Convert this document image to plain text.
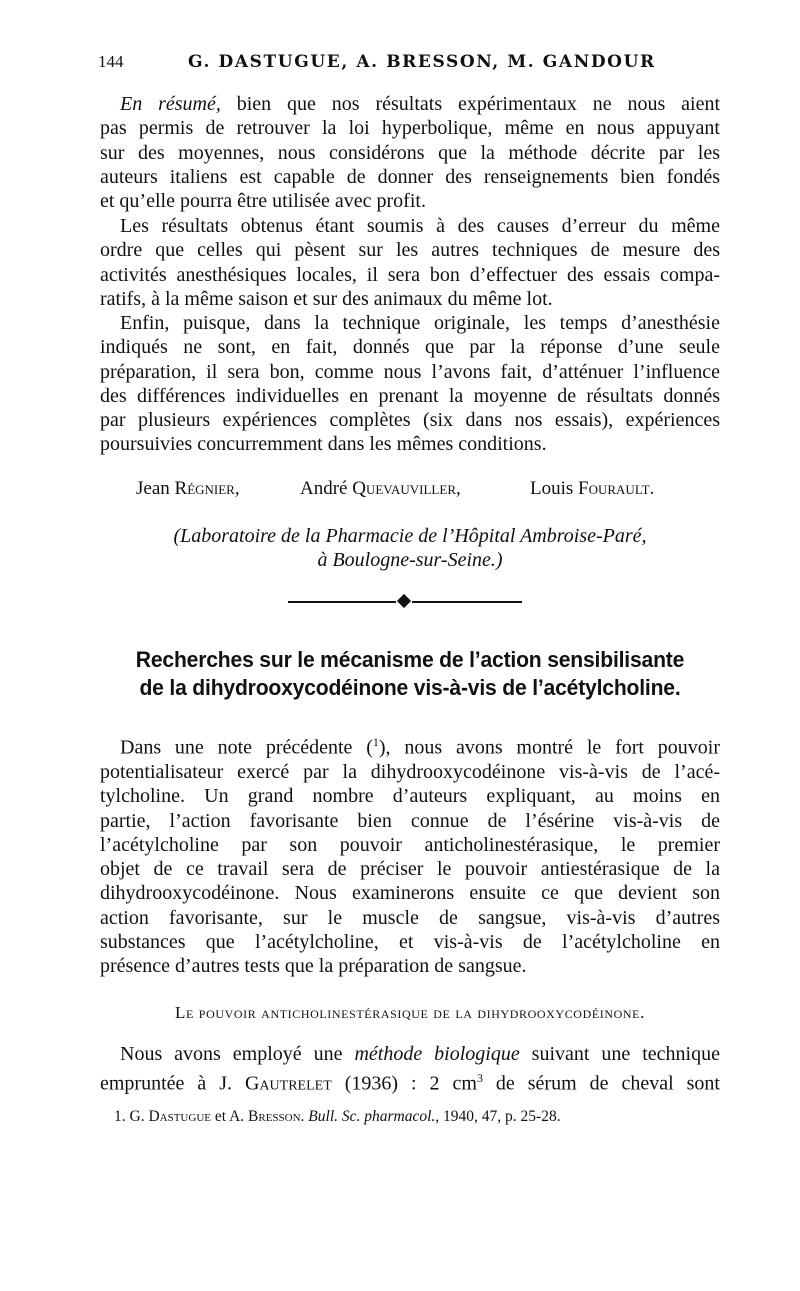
144	G. DASTUGUE, A. BRESSON, M. GANDOUR

En résumé, bien que nos résultats expérimentaux ne nous aient
pas permis de retrouver la loi hyperbolique, même en nous appuyant
sur des moyennes, nous considérons que la méthode décrite par les
auteurs italiens est capable de donner des renseignements bien fondés
et qu’elle pourra être utilisée avec profit.

Les résultats obtenus étant soumis à des causes d’erreur du même
ordre que celles qui pèsent sur les autres techniques de mesure des
activités anesthésiques locales, il sera bon d’effectuer des essais compa-
ratifs, à la même saison et sur des animaux du même lot.

Enfin, puisque, dans la technique originale, les temps d’anesthésie
indiqués ne sont, en fait, donnés que par la réponse d’une seule
préparation, il sera bon, comme nous l’avons fait, d’atténuer l’influence
des différences individuelles en prenant la moyenne de résultats donnés
par plusieurs expériences complètes (six dans nos essais), expériences
poursuivies concurremment dans les mêmes conditions.

Jean Régnier,	André Quevauviller,	Louis Fourault.
(Laboratoire de la Pharmacie de l’Hôpital Ambroise-Paré,
à Boulogne-sur-Seine.)
Recherches sur le mécanisme de l’action sensibilisante
de la dihydrooxycodéinone vis-à-vis de l’acétylcholine.

Dans une note précédente ($^1$), nous avons montré le fort pouvoir
potentialisateur exercé par la dihydrooxycodéinone vis-à-vis de l’acé-
tylcholine. Un grand nombre d’auteurs expliquant, au moins en
partie, l’action favorisante bien connue de l’ésérine vis-à-vis de
l’acétylcholine par son pouvoir anticholinestérasique, le premier
objet de ce travail sera de préciser le pouvoir antiestérasique de la
dihydrooxycodéinone. Nous examinerons ensuite ce que devient son
action favorisante, sur le muscle de sangsue, vis-à-vis d’autres
substances que l’acétylcholine, et vis-à-vis de l’acétylcholine en
présence d’autres tests que la préparation de sangsue.

Le pouvoir anticholinestérasique de la dihydrooxycodéinone.

Nous avons employé une méthode biologique suivant une technique
empruntée à J. Gautrelet (1936) : 2 $cm^3$ de sérum de cheval sont

1. G. Dastugue et A. Bresson. Bull. Sc. pharmacol., 1940, 47, p. 25-28.
